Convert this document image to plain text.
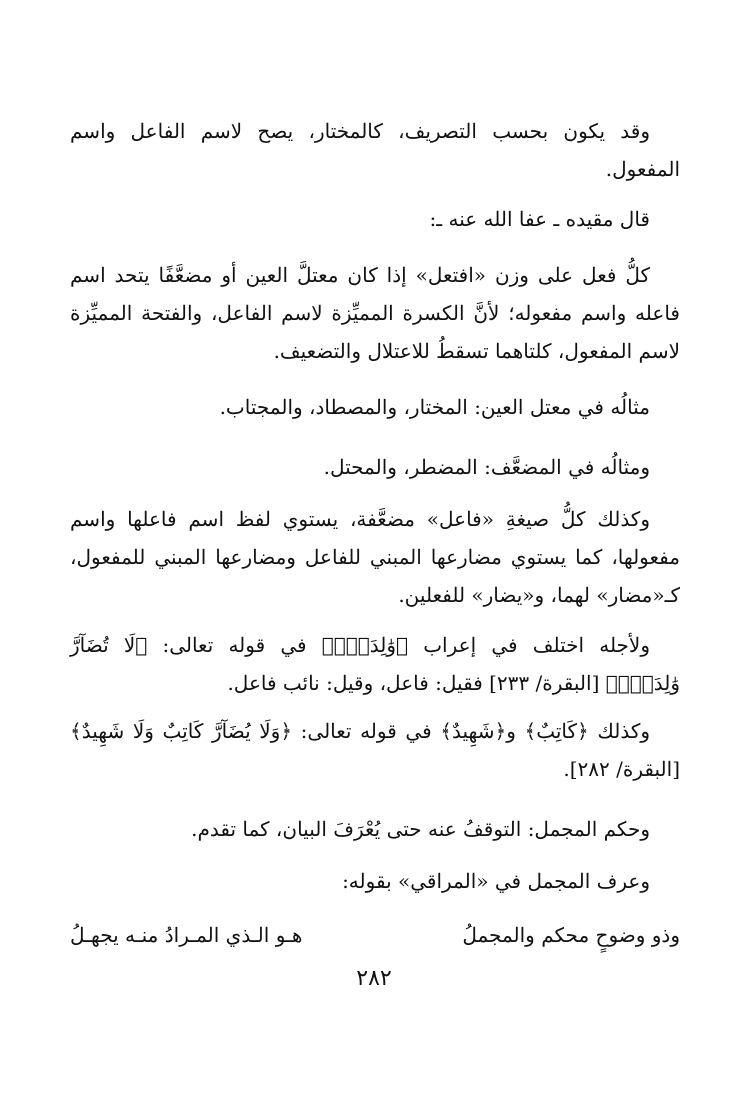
وقد يكون بحسب التصريف، كالمختار، يصح لاسم الفاعل واسم المفعول.

قال مقيده ـ عفا الله عنه ـ:

كلُّ فعل على وزن «افتعل» إذا كان معتلَّ العين أو مضعَّفًا يتحد اسم فاعله واسم مفعوله؛ لأنَّ الكسرة المميِّزة لاسم الفاعل، والفتحة المميِّزة لاسم المفعول، كلتاهما تسقطُ للاعتلال والتضعيف.

مثالُه في معتل العين: المختار، والمصطاد، والمجتاب.

ومثالُه في المضعَّف: المضطر، والمحتل.

وكذلك كلُّ صيغةِ «فاعل» مضعَّفة، يستوي لفظ اسم فاعلها واسم مفعولها، كما يستوي مضارعها المبني للفاعل ومضارعها المبني للمفعول، كـ«مضار» لهما، و«يضار» للفعلين.

ولأجله اختلف في إعراب ﴿وَٰلِدَةٌۢ﴾ في قوله تعالى: ﴿لَا تُضَآرَّ وَٰلِدَةٌۢ﴾ [البقرة/ ٢٣٣] فقيل: فاعل، وقيل: نائب فاعل.

وكذلك ﴿كَاتِبٌ﴾ و﴿شَهِيدٌ﴾ في قوله تعالى: ﴿وَلَا يُضَآرَّ كَاتِبٌ وَلَا شَهِيدٌ﴾ [البقرة/ ٢٨٢].

وحكم المجمل: التوقفُ عنه حتى يُعْرَفَ البيان، كما تقدم.

وعرف المجمل في «المراقي» بقوله:

وذو وضوحٍ محكم والمجملُ
هـو الـذي المـرادُ منـه يجهـلُ
٢٨٢
